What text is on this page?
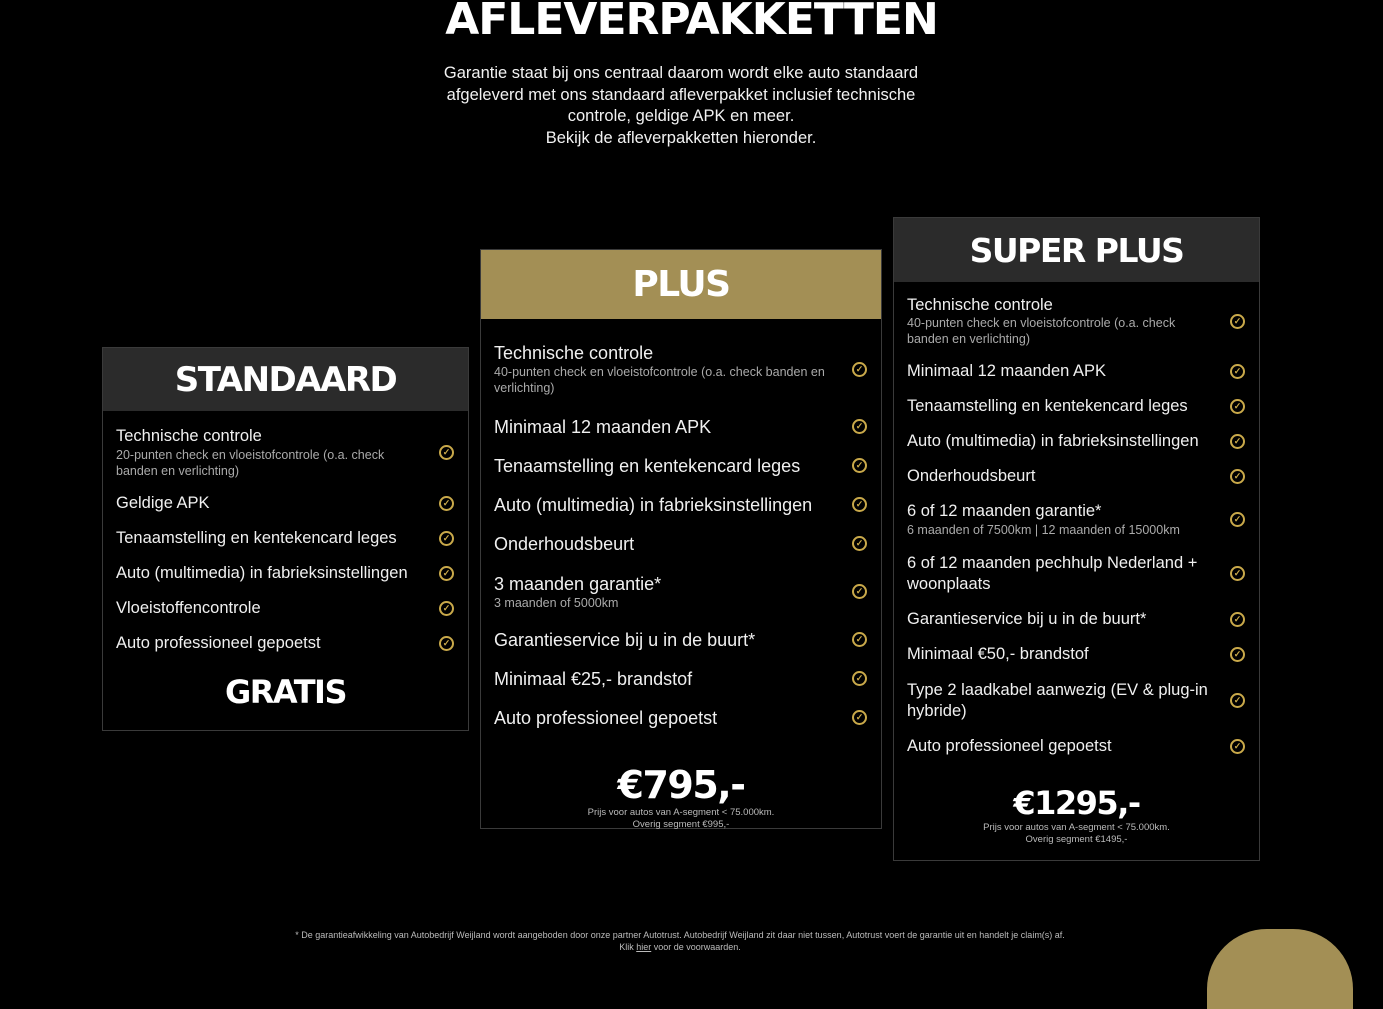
AFLEVERPAKKETTEN
Garantie staat bij ons centraal daarom wordt elke auto standaard
afgeleverd met ons standaard afleverpakket inclusief technische
controle, geldige APK en meer.
Bekijk de afleverpakketten hieronder.
STANDAARD
Technische controle
20-punten check en vloeistofcontrole (o.a. check banden en verlichting)
✓
Geldige APK	✓
Tenaamstelling en kentekencard leges	✓
Auto (multimedia) in fabrieksinstellingen	✓
Vloeistoffencontrole	✓
Auto professioneel gepoetst	✓
GRATIS
PLUS
Technische controle
40-punten check en vloeistofcontrole (o.a. check banden en verlichting)
✓
Minimaal 12 maanden APK	✓
Tenaamstelling en kentekencard leges	✓
Auto (multimedia) in fabrieksinstellingen	✓
Onderhoudsbeurt	✓
3 maanden garantie*
3 maanden of 5000km
✓
Garantieservice bij u in de buurt*	✓
Minimaal €25,- brandstof	✓
Auto professioneel gepoetst	✓
€795,-
Prijs voor autos van A-segment < 75.000km.
Overig segment €995,-
SUPER PLUS
Technische controle
40-punten check en vloeistofcontrole (o.a. check banden en verlichting)
✓
Minimaal 12 maanden APK	✓
Tenaamstelling en kentekencard leges	✓
Auto (multimedia) in fabrieksinstellingen	✓
Onderhoudsbeurt	✓
6 of 12 maanden garantie*
6 maanden of 7500km | 12 maanden of 15000km
✓
6 of 12 maanden pechhulp Nederland + woonplaats
✓
Garantieservice bij u in de buurt*	✓
Minimaal €50,- brandstof	✓
Type 2 laadkabel aanwezig (EV & plug-in hybride)
✓
Auto professioneel gepoetst	✓
€1295,-
Prijs voor autos van A-segment < 75.000km.
Overig segment €1495,-
* De garantieafwikkeling van Autobedrijf Weijland wordt aangeboden door onze partner Autotrust. Autobedrijf Weijland zit daar niet tussen, Autotrust voert de garantie uit en handelt je claim(s) af. Klik hier voor de voorwaarden.
